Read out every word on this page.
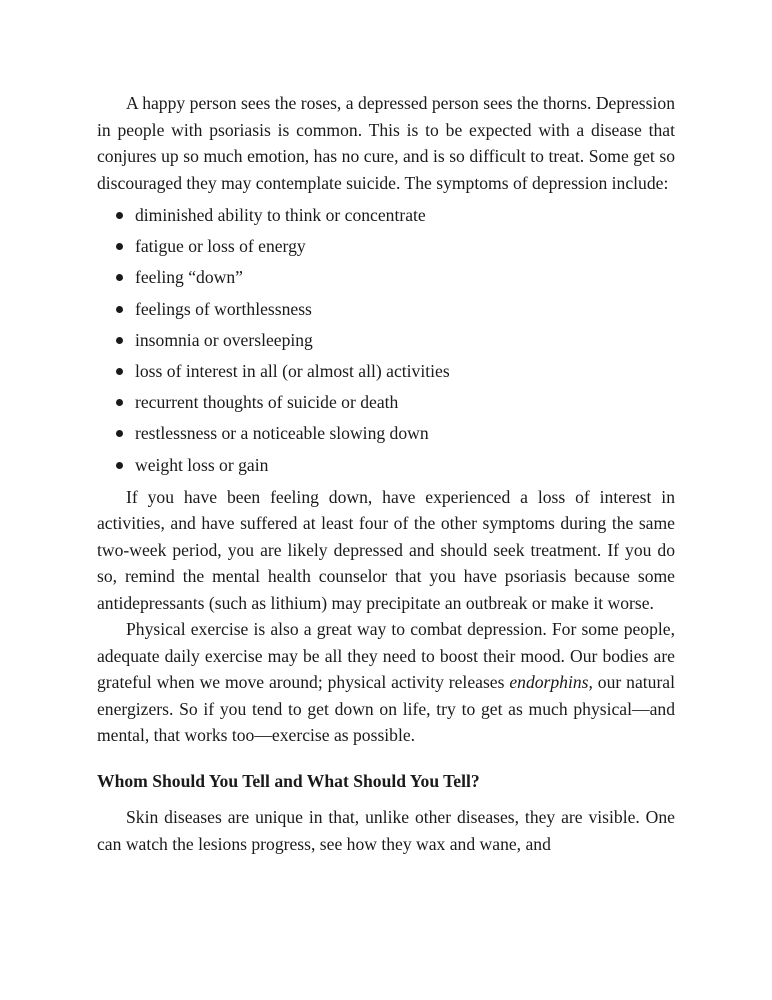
A happy person sees the roses, a depressed person sees the thorns. Depression in people with psoriasis is common. This is to be expected with a disease that conjures up so much emotion, has no cure, and is so difficult to treat. Some get so discouraged they may contemplate suicide. The symptoms of depression include:

diminished ability to think or concentrate
fatigue or loss of energy
feeling “down”
feelings of worthlessness
insomnia or oversleeping
loss of interest in all (or almost all) activities
recurrent thoughts of suicide or death
restlessness or a noticeable slowing down
weight loss or gain

If you have been feeling down, have experienced a loss of interest in activities, and have suffered at least four of the other symptoms during the same two-week period, you are likely depressed and should seek treatment. If you do so, remind the mental health counselor that you have psoriasis because some antidepressants (such as lithium) may precipitate an outbreak or make it worse.

Physical exercise is also a great way to combat depression. For some people, adequate daily exercise may be all they need to boost their mood. Our bodies are grateful when we move around; physical activity releases endorphins, our natural energizers. So if you tend to get down on life, try to get as much physical—and mental, that works too—exercise as possible.

Whom Should You Tell and What Should You Tell?

Skin diseases are unique in that, unlike other diseases, they are visible. One can watch the lesions progress, see how they wax and wane, and
